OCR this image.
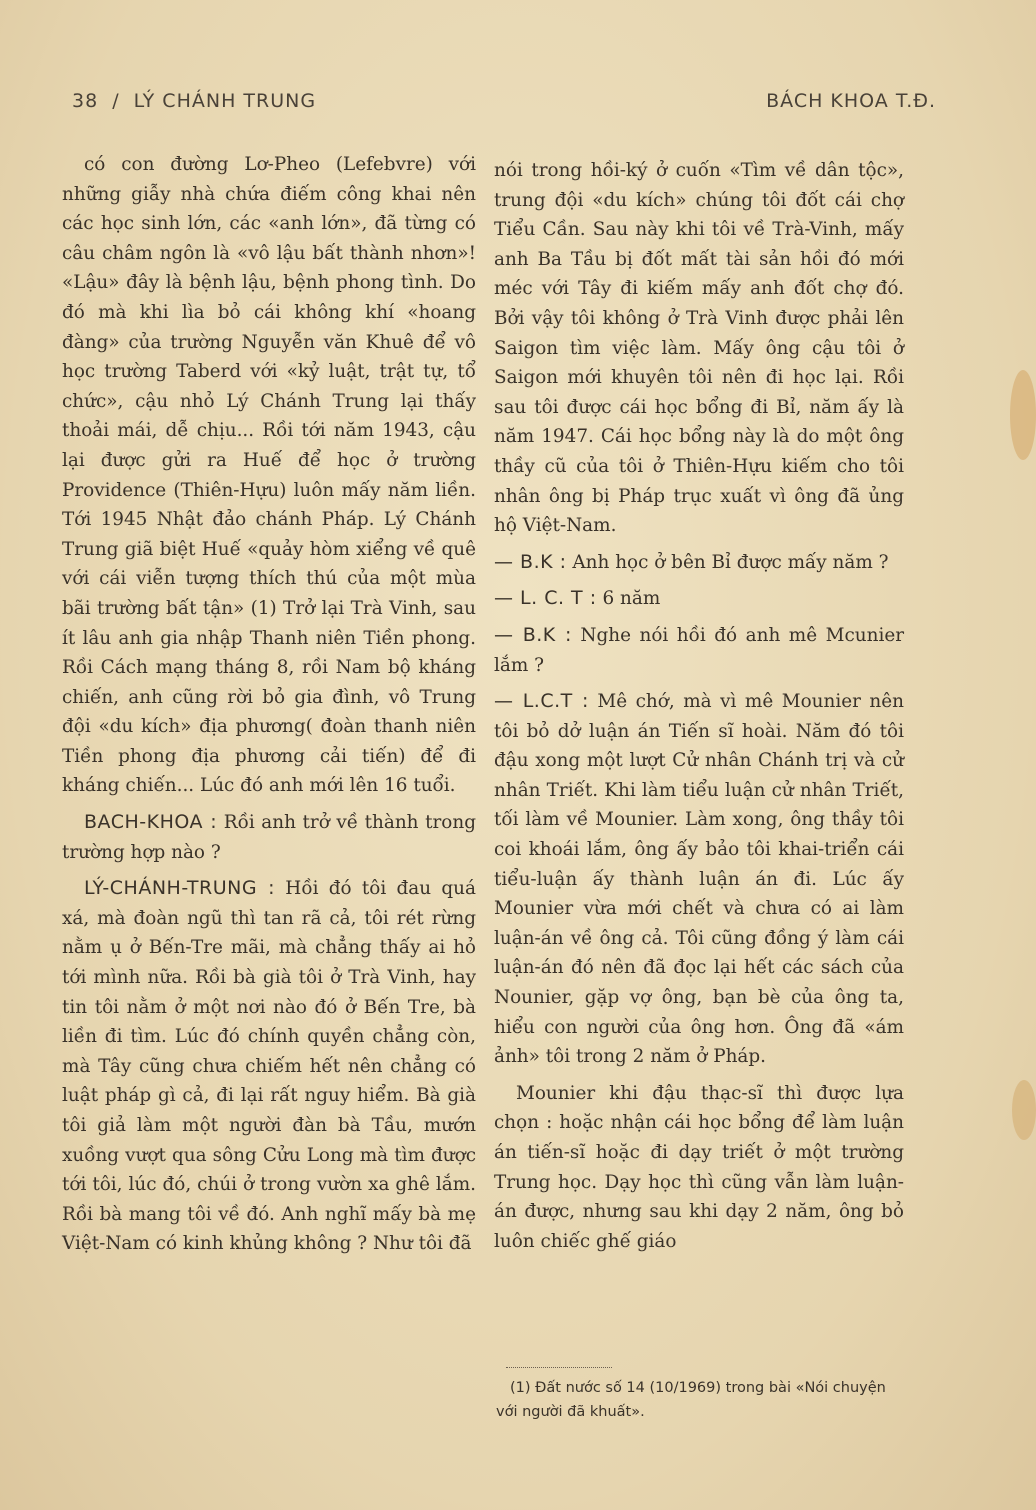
38 / LÝ CHÁNH TRUNG	BÁCH KHOA T.Đ.

có con đường Lơ-Pheo (Lefebvre) với những giẫy nhà chứa điếm công khai nên các học sinh lớn, các «anh lớn», đã từng có câu châm ngôn là «vô lậu bất thành nhơn»! «Lậu» đây là bệnh lậu, bệnh phong tình. Do đó mà khi lìa bỏ cái không khí «hoang đàng» của trường Nguyễn văn Khuê để vô học trường Taberd với «kỷ luật, trật tự, tổ chức», cậu nhỏ Lý Chánh Trung lại thấy thoải mái, dễ chịu... Rồi tới năm 1943, cậu lại được gửi ra Huế để học ở trường Providence (Thiên-Hựu) luôn mấy năm liền. Tới 1945 Nhật đảo chánh Pháp. Lý Chánh Trung giã biệt Huế «quảy hòm xiểng về quê với cái viễn tượng thích thú của một mùa bãi trường bất tận» (1) Trở lại Trà Vinh, sau ít lâu anh gia nhập Thanh niên Tiền phong. Rồi Cách mạng tháng 8, rồi Nam bộ kháng chiến, anh cũng rời bỏ gia đình, vô Trung đội «du kích» địa phương( đoàn thanh niên Tiền phong địa phương cải tiến) để đi kháng chiến... Lúc đó anh mới lên 16 tuổi.

BACH-KHOA : Rồi anh trở về thành trong trường hợp nào ?

LÝ-CHÁNH-TRUNG : Hồi đó tôi đau quá xá, mà đoàn ngũ thì tan rã cả, tôi rét rừng nằm ụ ở Bến-Tre mãi, mà chẳng thấy ai hỏ tới mình nữa. Rồi bà già tôi ở Trà Vinh, hay tin tôi nằm ở một nơi nào đó ở Bến Tre, bà liền đi tìm. Lúc đó chính quyền chẳng còn, mà Tây cũng chưa chiếm hết nên chẳng có luật pháp gì cả, đi lại rất nguy hiểm. Bà già tôi giả làm một người đàn bà Tầu, mướn xuồng vượt qua sông Cửu Long mà tìm được tới tôi, lúc đó, chúi ở trong vườn xa ghê lắm. Rồi bà mang tôi về đó. Anh nghĩ mấy bà mẹ Việt-Nam có kinh khủng không ? Như tôi đã

nói trong hồi-ký ở cuốn «Tìm về dân tộc», trung đội «du kích» chúng tôi đốt cái chợ Tiểu Cần. Sau này khi tôi về Trà-Vinh, mấy anh Ba Tầu bị đốt mất tài sản hồi đó mới méc với Tây đi kiếm mấy anh đốt chợ đó. Bởi vậy tôi không ở Trà Vinh được phải lên Saigon tìm việc làm. Mấy ông cậu tôi ở Saigon mới khuyên tôi nên đi học lại. Rồi sau tôi được cái học bổng đi Bỉ, năm ấy là năm 1947. Cái học bổng này là do một ông thầy cũ của tôi ở Thiên-Hựu kiếm cho tôi nhân ông bị Pháp trục xuất vì ông đã ủng hộ Việt-Nam.

— B.K : Anh học ở bên Bỉ được mấy năm ?

— L. C. T : 6 năm

— B.K : Nghe nói hồi đó anh mê Mcunier lắm ?

— L.C.T : Mê chớ, mà vì mê Mounier nên tôi bỏ dở luận án Tiến sĩ hoài. Năm đó tôi đậu xong một lượt Cử nhân Chánh trị và cử nhân Triết. Khi làm tiểu luận cử nhân Triết, tối làm về Mounier. Làm xong, ông thầy tôi coi khoái lắm, ông ấy bảo tôi khai-triển cái tiểu-luận ấy thành luận án đi. Lúc ấy Mounier vừa mới chết và chưa có ai làm luận-án về ông cả. Tôi cũng đồng ý làm cái luận-án đó nên đã đọc lại hết các sách của Nounier, gặp vợ ông, bạn bè của ông ta, hiểu con người của ông hơn. Ông đã «ám ảnh» tôi trong 2 năm ở Pháp.

Mounier khi đậu thạc-sĩ thì được lựa chọn : hoặc nhận cái học bổng để làm luận án tiến-sĩ hoặc đi dạy triết ở một trường Trung học. Dạy học thì cũng vẫn làm luận-án được, nhưng sau khi dạy 2 năm, ông bỏ luôn chiếc ghế giáo

(1) Đất nước số 14 (10/1969) trong bài «Nói chuyện với người đã khuất».
